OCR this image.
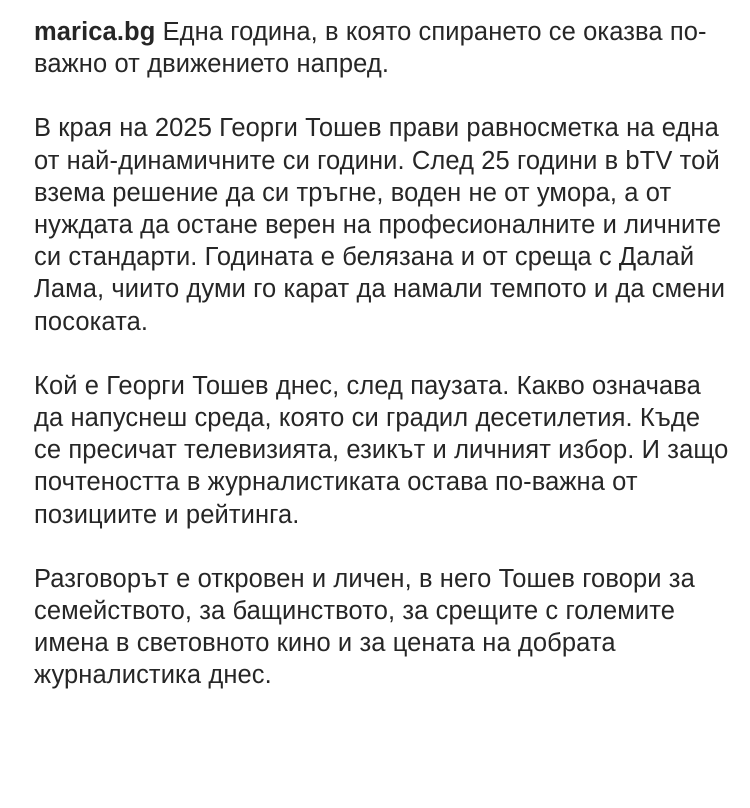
marica.bg Една година, в която спирането се оказва по-важно от движението напред.

В края на 2025 Георги Тошев прави равносметка на една от най-динамичните си години. След 25 години в bTV той взема решение да си тръгне, воден не от умора, а от нуждата да остане верен на професионалните и личните си стандарти. Годината е белязана и от среща с Далай Лама, чиито думи го карат да намали темпото и да смени посоката.

Кой е Георги Тошев днес, след паузата. Какво означава да напуснеш среда, която си градил десетилетия. Къде се пресичат телевизията, езикът и личният избор. И защо почтеността в журналистиката остава по-важна от позициите и рейтинга.

Разговорът е откровен и личен, в него Тошев говори за семейството, за бащинството, за срещите с големите имена в световното кино и за цената на добрата журналистика днес.
